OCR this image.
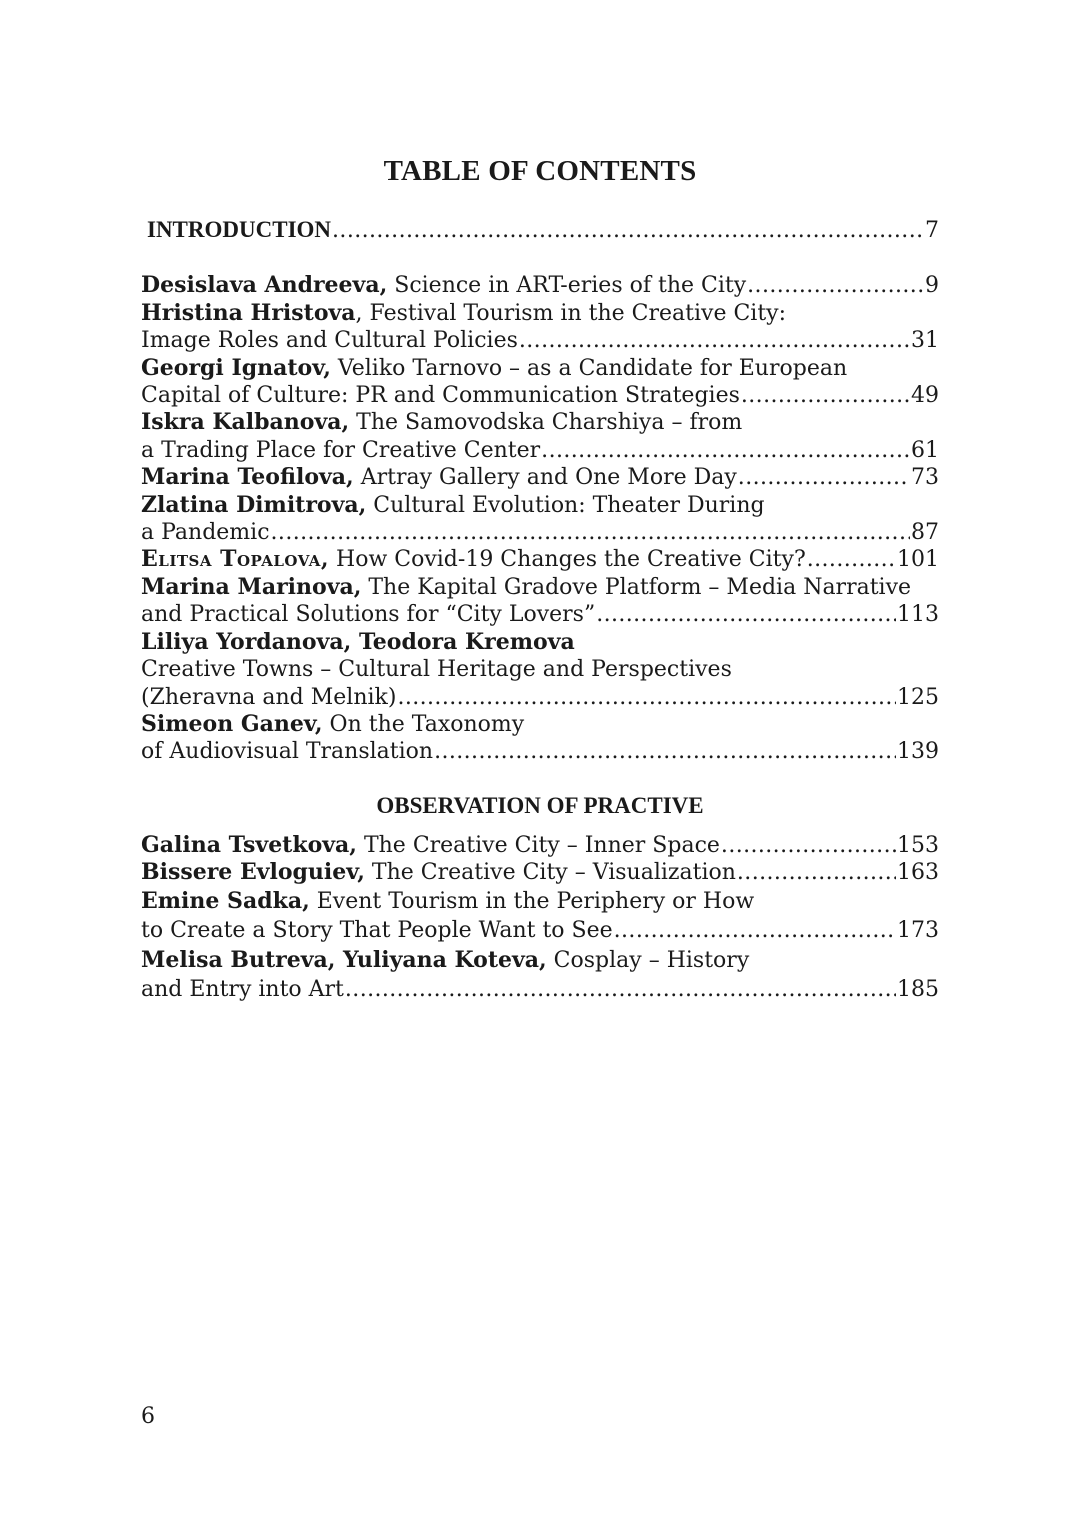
TABLE OF CONTENTS
INTRODUCTION .....	7
Desislava Andreeva, Science in ART-eries of the City .....	9
Hristina Hristova, Festival Tourism in the Creative City:
Image Roles and Cultural Policies .....	31
Georgi Ignatov, Veliko Tarnovo – as a Candidate for European
Capital of Culture: PR and Communication Strategies .....	49
Iskra Kalbanova, The Samovodska Charshiya – from
a Trading Place for Creative Center .....	61
Marina Teofilova, Artray Gallery and One More Day .....	73
Zlatina Dimitrova, Cultural Evolution: Theater During
a Pandemic .....	87
Elitsa Topalova, How Covid-19 Changes the Creative City? .....	101
Marina Marinova, The Kapital Gradove Platform – Media Narrative
and Practical Solutions for “City Lovers” .....	113
Liliya Yordanova, Teodora Kremova
Creative Towns – Cultural Heritage and Perspectives
(Zheravna and Melnik) .....	125
Simeon Ganev, On the Taxonomy
of Audiovisual Translation .....	139
OBSERVATION OF PRACTIVE
Galina Tsvetkova, The Creative City – Inner Space .....	153
Bissere Evloguiev, The Creative City – Visualization .....	163
Emine Sadka, Event Tourism in the Periphery or How
to Create a Story That People Want to See .....	173
Melisa Butreva, Yuliyana Koteva, Cosplay – History
and Entry into Art .....	185
6
